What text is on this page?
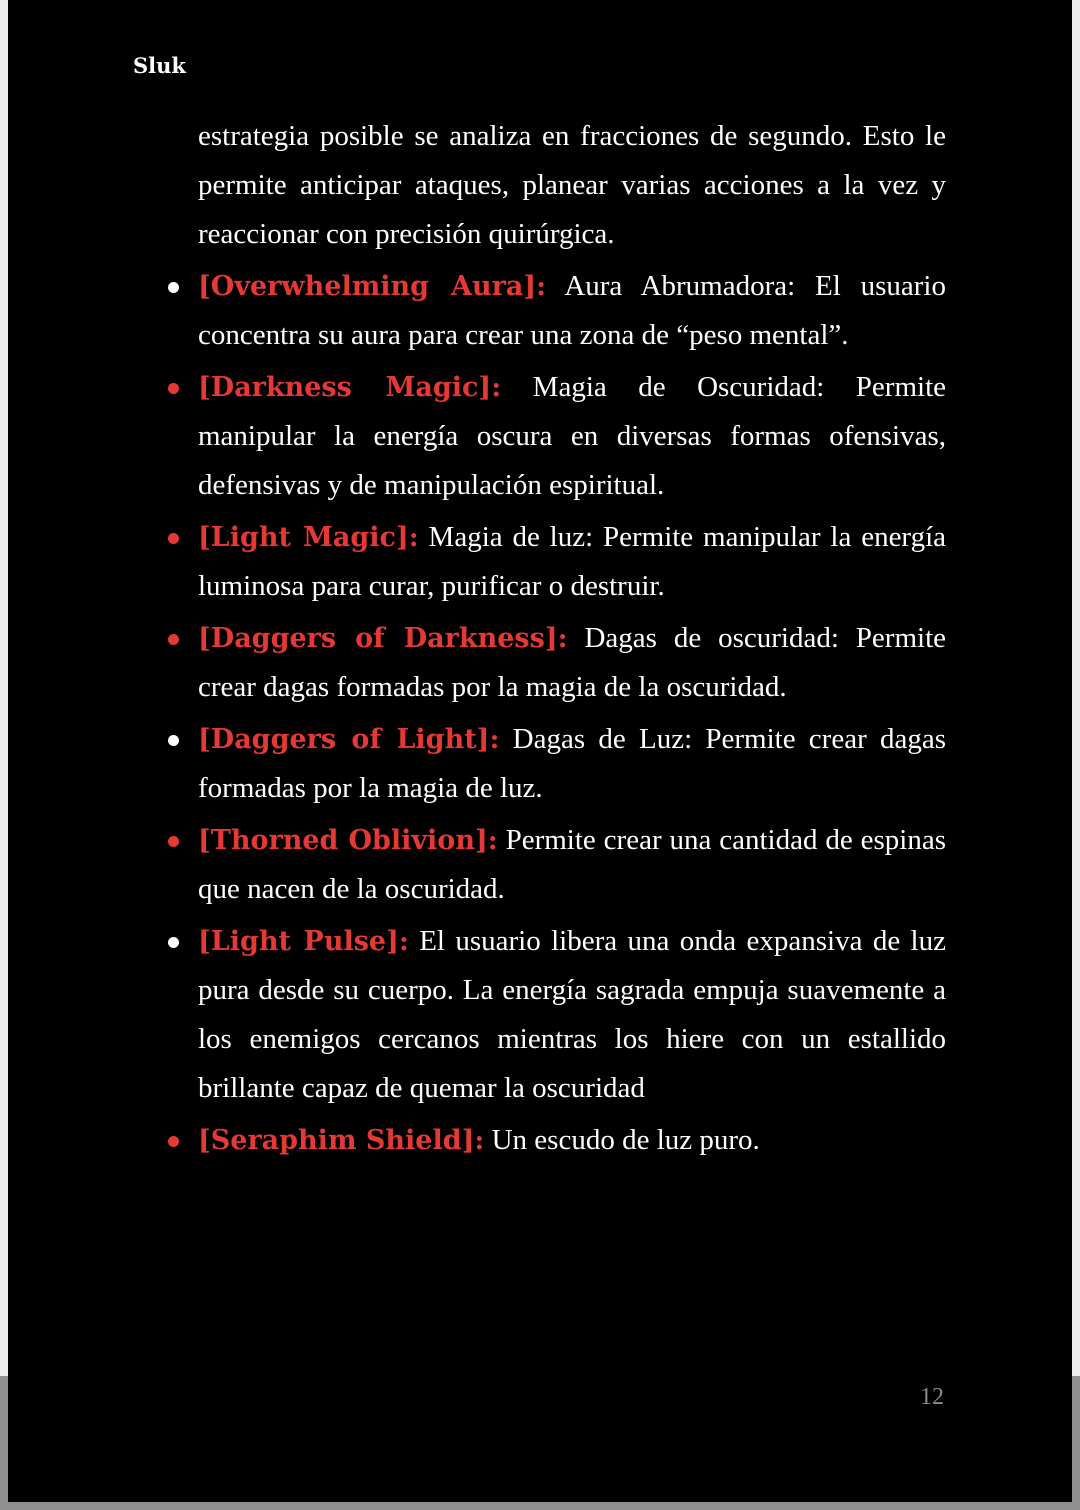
Sluk

estrategia posible se analiza en fracciones de segundo. Esto le permite anticipar ataques, planear varias acciones a la vez y reaccionar con precisión quirúrgica.

[Overwhelming Aura]: Aura Abrumadora: El usuario concentra su aura para crear una zona de “peso mental”.
[Darkness Magic]: Magia de Oscuridad: Permite manipular la energía oscura en diversas formas ofensivas, defensivas y de manipulación espiritual.
[Light Magic]: Magia de luz: Permite manipular la energía luminosa para curar, purificar o destruir.
[Daggers of Darkness]: Dagas de oscuridad: Permite crear dagas formadas por la magia de la oscuridad.
[Daggers of Light]: Dagas de Luz: Permite crear dagas formadas por la magia de luz.
[Thorned Oblivion]: Permite crear una cantidad de espinas que nacen de la oscuridad.
[Light Pulse]: El usuario libera una onda expansiva de luz pura desde su cuerpo. La energía sagrada empuja suavemente a los enemigos cercanos mientras los hiere con un estallido brillante capaz de quemar la oscuridad
[Seraphim Shield]: Un escudo de luz puro.
12
